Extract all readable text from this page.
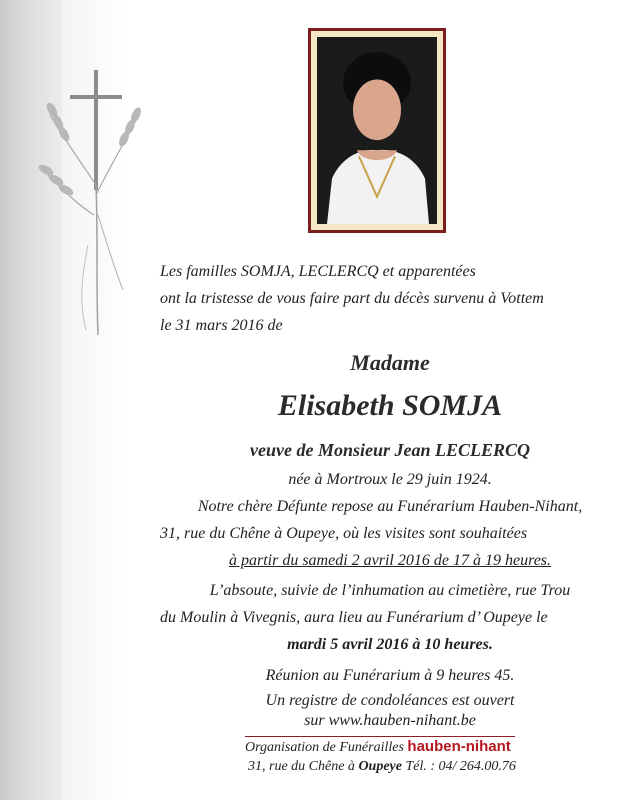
Les familles SOMJA, LECLERCQ et apparentées
ont la tristesse de vous faire part du décès survenu à Vottem
le 31 mars 2016 de
Madame
Elisabeth SOMJA
veuve de Monsieur Jean LECLERCQ
née à Mortroux le 29 juin 1924.
Notre chère Défunte repose au Funérarium Hauben-Nihant,
31, rue du Chêne à Oupeye, où les visites sont souhaitées
à partir du samedi 2 avril 2016 de 17 à 19 heures.
L’absoute, suivie de l’inhumation au cimetière, rue Trou
du Moulin à Vivegnis, aura lieu au Funérarium d’ Oupeye le
mardi 5 avril 2016 à 10 heures.
Réunion au Funérarium à 9 heures 45.
Un registre de condoléances est ouvert
sur www.hauben-nihant.be
Organisation de Funérailles hauben-nihant
31, rue du Chêne à Oupeye Tél. : 04/ 264.00.76
